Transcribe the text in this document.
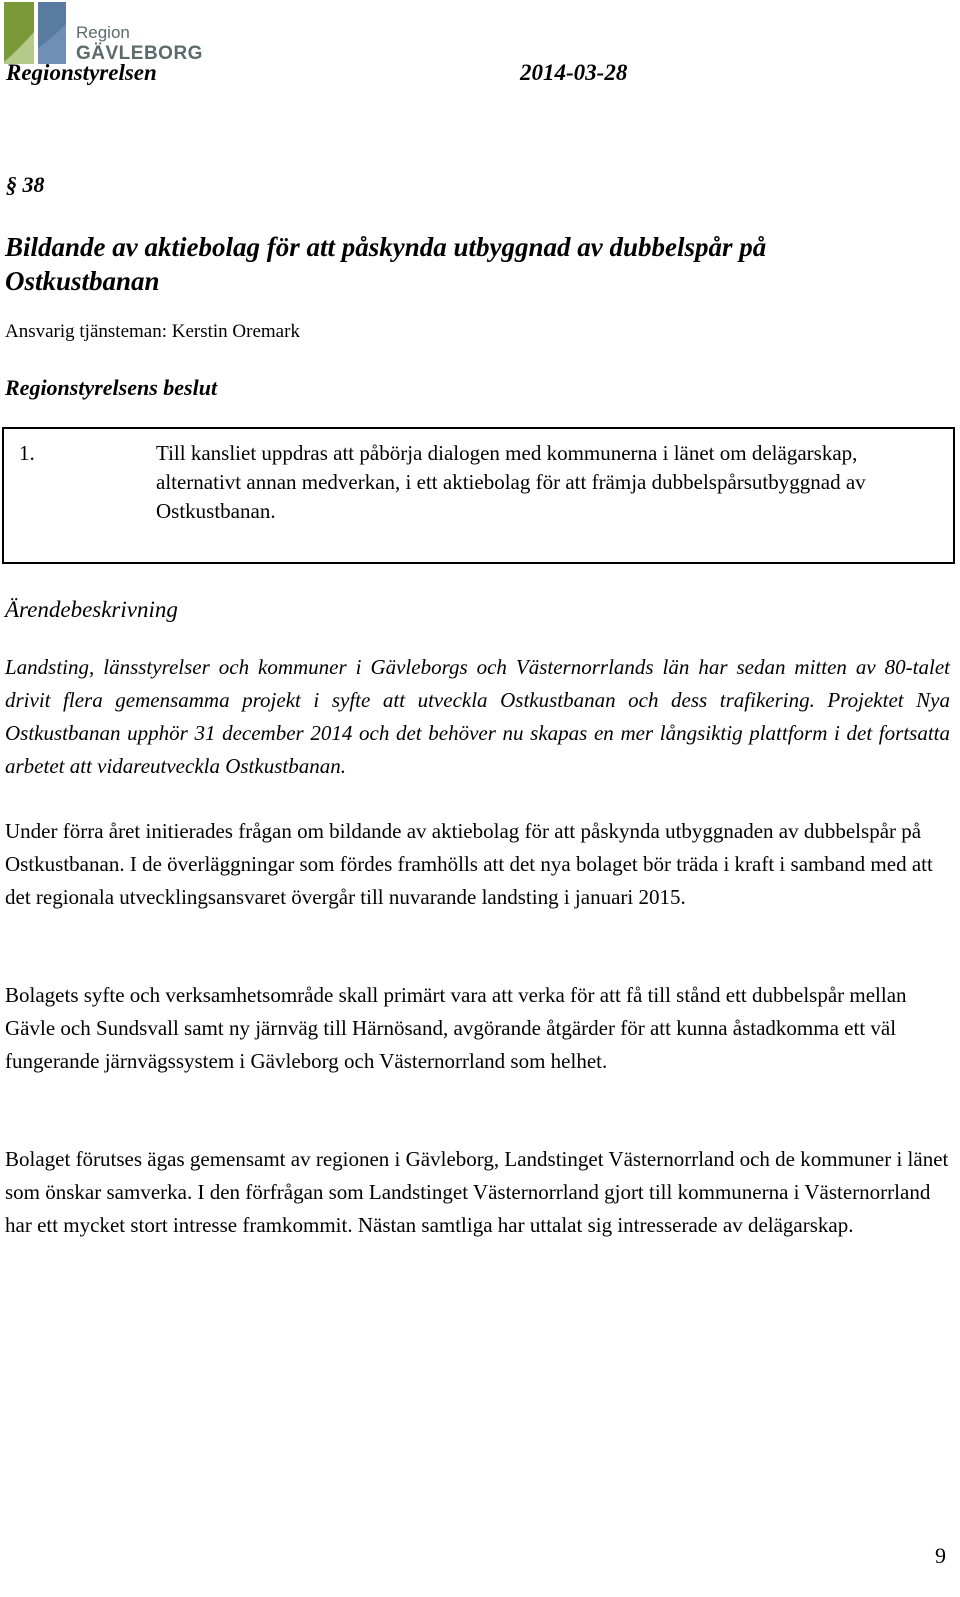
Region
GÄVLEBORG
Regionstyrelsen	2014-03-28
§ 38
Bildande av aktiebolag för att påskynda utbyggnad av dubbelspår på Ostkustbanan
Ansvarig tjänsteman: Kerstin Oremark
Regionstyrelsens beslut
1.	Till kansliet uppdras att påbörja dialogen med kommunerna i länet om delägarskap, alternativt annan medverkan, i ett aktiebolag för att främja dubbelspårsutbyggnad av Ostkustbanan.
Ärendebeskrivning

Landsting, länsstyrelser och kommuner i Gävleborgs och Västernorrlands län har sedan mitten av 80-talet drivit flera gemensamma projekt i syfte att utveckla Ostkustbanan och dess trafikering. Projektet Nya Ostkustbanan upphör 31 december 2014 och det behöver nu skapas en mer långsiktig plattform i det fortsatta arbetet att vidareutveckla Ostkustbanan.

Under förra året initierades frågan om bildande av aktiebolag för att påskynda utbyggnaden av dubbelspår på Ostkustbanan. I de överläggningar som fördes framhölls att det nya bolaget bör träda i kraft i samband med att det regionala utvecklingsansvaret övergår till nuvarande landsting i januari 2015.

Bolagets syfte och verksamhetsområde skall primärt vara att verka för att få till stånd ett dubbelspår mellan Gävle och Sundsvall samt ny järnväg till Härnösand, avgörande åtgärder för att kunna åstadkomma ett väl fungerande järnvägssystem i Gävleborg och Västernorrland som helhet.

Bolaget förutses ägas gemensamt av regionen i Gävleborg, Landstinget Västernorrland och de kommuner i länet som önskar samverka. I den förfrågan som Landstinget Västernorrland gjort till kommunerna i Västernorrland har ett mycket stort intresse framkommit. Nästan samtliga har uttalat sig intresserade av delägarskap.

9
